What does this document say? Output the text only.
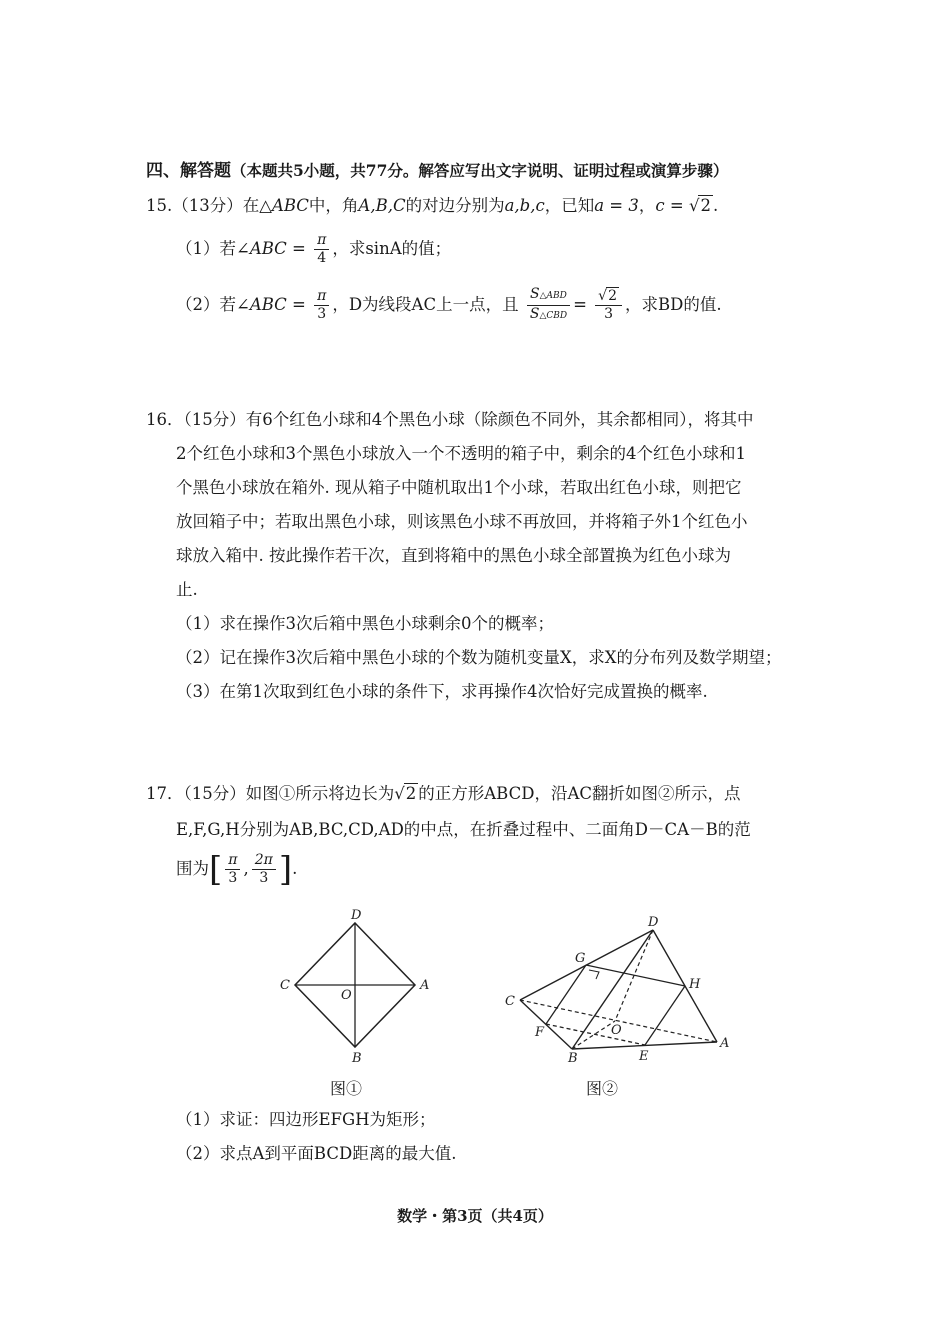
四、解答题（本题共5小题，共77分。解答应写出文字说明、证明过程或演算步骤）
15.（13分）在△ABC中，角A,B,C的对边分别为a,b,c，已知a = 3，c = √2 .
（1）若∠ABC = $\frac{\pi}{4}$ ，求sinA的值；
（2）若∠ABC = $\frac{\pi}{3}$ ，D为线段AC上一点，且 $\frac{\text{S△ABD}}{\text{S△CBD}} = \frac{√2}{3}$ ，求BD的值.
16．（15分）有6个红色小球和4个黑色小球（除颜色不同外，其余都相同），将其中
2个红色小球和3个黑色小球放入一个不透明的箱子中，剩余的4个红色小球和1
个黑色小球放在箱外. 现从箱子中随机取出1个小球，若取出红色小球，则把它
放回箱子中；若取出黑色小球，则该黑色小球不再放回，并将箱子外1个红色小
球放入箱中. 按此操作若干次，直到将箱中的黑色小球全部置换为红色小球为
止.
（1）求在操作3次后箱中黑色小球剩余0个的概率；
（2）记在操作3次后箱中黑色小球的个数为随机变量X，求X的分布列及数学期望；
（3）在第1次取到红色小球的条件下，求再操作4次恰好完成置换的概率.
17．（15分）如图①所示将边长为√2 的正方形ABCD，沿AC翻折如图②所示，点
E,F,G,H分别为AB,BC,CD,AD的中点，在折叠过程中、二面角D－CA－B的范
围为[ $\frac{\pi}{3}$ , $\frac{2\pi}{3}$ ].
D
C	A
B
O
图①
D
C
A
B
G
H
F
E
O
图②
（1）求证：四边形EFGH为矩形；
（2）求点A到平面BCD距离的最大值.
数学・第3页（共4页）
